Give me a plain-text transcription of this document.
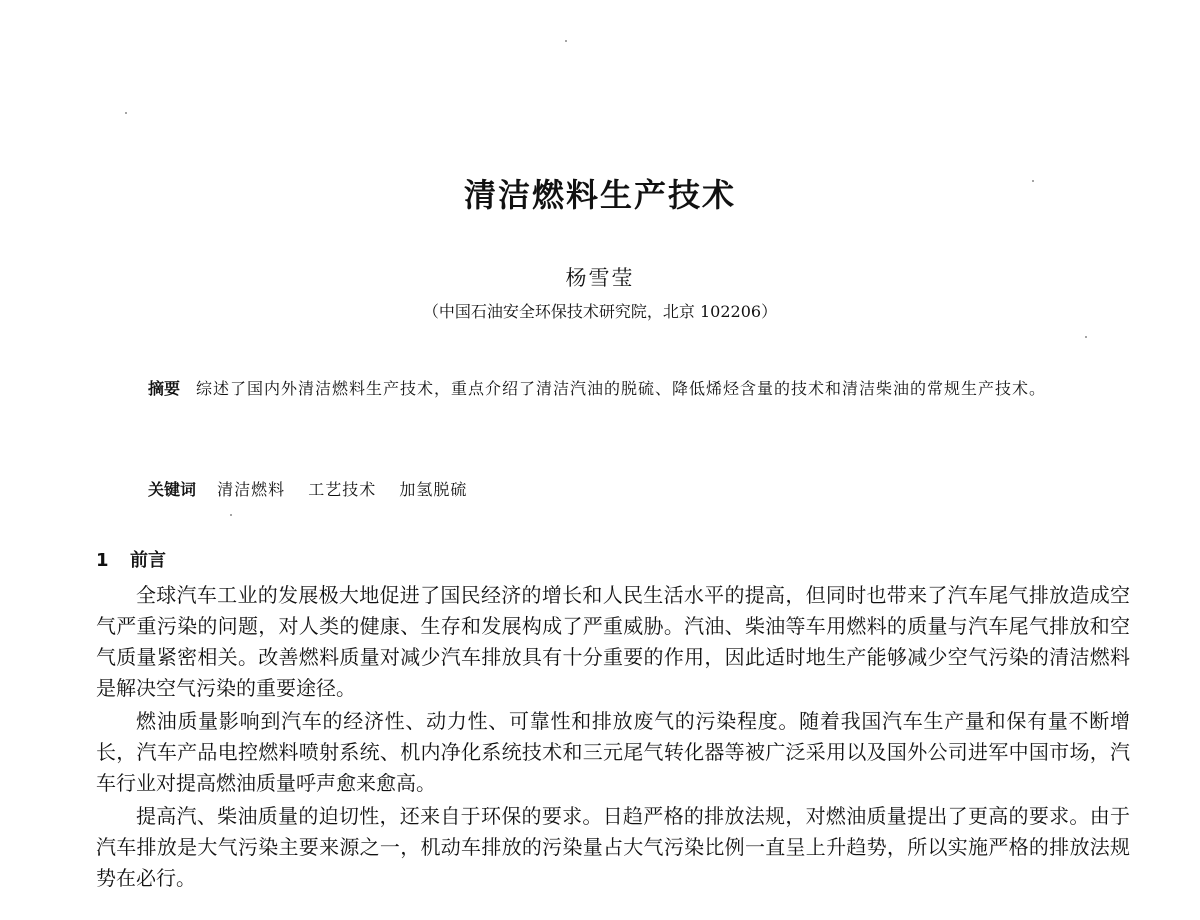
清洁燃料生产技术
杨雪莹
（中国石油安全环保技术研究院，北京 102206）
摘要 综述了国内外清洁燃料生产技术，重点介绍了清洁汽油的脱硫、降低烯烃含量的技术和清洁柴油的常规生产技术。
关键词 清洁燃料 工艺技术 加氢脱硫
1 前言

全球汽车工业的发展极大地促进了国民经济的增长和人民生活水平的提高，但同时也带来了汽车尾气排放造成空气严重污染的问题，对人类的健康、生存和发展构成了严重威胁。汽油、柴油等车用燃料的质量与汽车尾气排放和空气质量紧密相关。改善燃料质量对减少汽车排放具有十分重要的作用，因此适时地生产能够减少空气污染的清洁燃料是解决空气污染的重要途径。

燃油质量影响到汽车的经济性、动力性、可靠性和排放废气的污染程度。随着我国汽车生产量和保有量不断增长，汽车产品电控燃料喷射系统、机内净化系统技术和三元尾气转化器等被广泛采用以及国外公司进军中国市场，汽车行业对提高燃油质量呼声愈来愈高。

提高汽、柴油质量的迫切性，还来自于环保的要求。日趋严格的排放法规，对燃油质量提出了更高的要求。由于汽车排放是大气污染主要来源之一，机动车排放的污染量占大气污染比例一直呈上升趋势，所以实施严格的排放法规势在必行。
